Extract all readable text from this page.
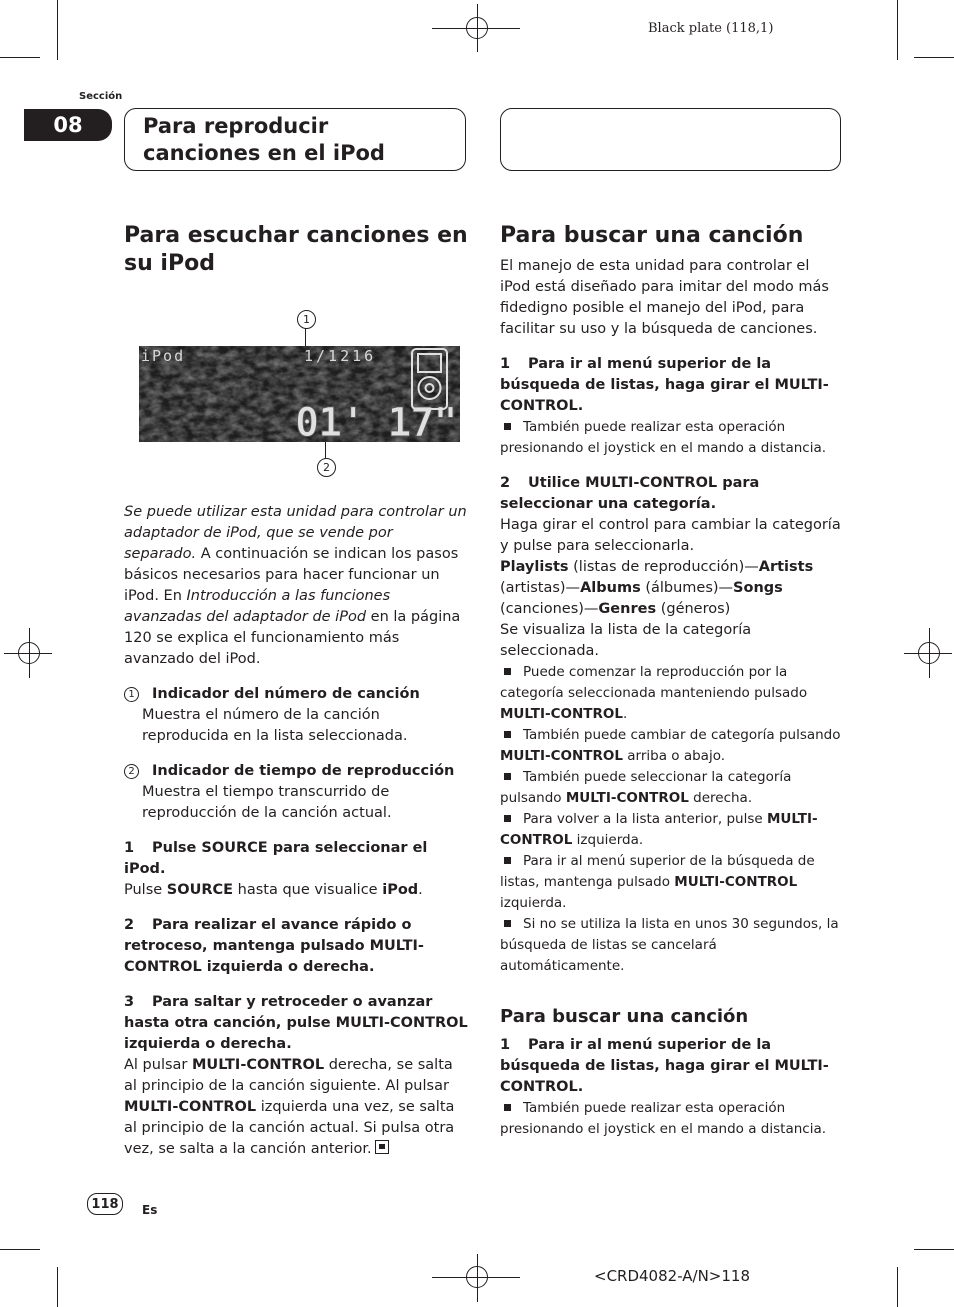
Black plate (118,1)
Sección
08	Para reproducir canciones en el iPod
Para escuchar canciones en su iPod
1
2
iPod	1/1216
01' 17"

Se puede utilizar esta unidad para controlar un adaptador de iPod, que se vende por separado. A continuación se indican los pasos básicos necesarios para hacer funcionar un iPod. En Introducción a las funciones avanzadas del adaptador de iPod en la página 120 se explica el funcionamiento más avanzado del iPod.

1 Indicador del número de canción

Muestra el número de la canción reproducida en la lista seleccionada.

2 Indicador de tiempo de reproducción

Muestra el tiempo transcurrido de reproducción de la canción actual.

1 Pulse SOURCE para seleccionar el iPod.

Pulse SOURCE hasta que visualice iPod.

2 Para realizar el avance rápido o retroceso, mantenga pulsado MULTI-CONTROL izquierda o derecha.

3 Para saltar y retroceder o avanzar hasta otra canción, pulse MULTI-CONTROL izquierda o derecha.

Al pulsar MULTI-CONTROL derecha, se salta al principio de la canción siguiente. Al pulsar MULTI-CONTROL izquierda una vez, se salta al principio de la canción actual. Si pulsa otra vez, se salta a la canción anterior.

Para buscar una canción

El manejo de esta unidad para controlar el iPod está diseñado para imitar del modo más fidedigno posible el manejo del iPod, para facilitar su uso y la búsqueda de canciones.

1 Para ir al menú superior de la búsqueda de listas, haga girar el MULTI-CONTROL.

También puede realizar esta operación presionando el joystick en el mando a distancia.

2 Utilice MULTI-CONTROL para seleccionar una categoría.

Haga girar el control para cambiar la categoría y pulse para seleccionarla.

Playlists (listas de reproducción)—Artists (artistas)—Albums (álbumes)—Songs (canciones)—Genres (géneros)

Se visualiza la lista de la categoría seleccionada.

Puede comenzar la reproducción por la categoría seleccionada manteniendo pulsado MULTI-CONTROL.

También puede cambiar de categoría pulsando MULTI-CONTROL arriba o abajo.

También puede seleccionar la categoría pulsando MULTI-CONTROL derecha.

Para volver a la lista anterior, pulse MULTI-CONTROL izquierda.

Para ir al menú superior de la búsqueda de listas, mantenga pulsado MULTI-CONTROL izquierda.

Si no se utiliza la lista en unos 30 segundos, la búsqueda de listas se cancelará automáticamente.

Para buscar una canción

1 Para ir al menú superior de la búsqueda de listas, haga girar el MULTI-CONTROL.

También puede realizar esta operación presionando el joystick en el mando a distancia.

118 Es
<CRD4082-A/N>118
